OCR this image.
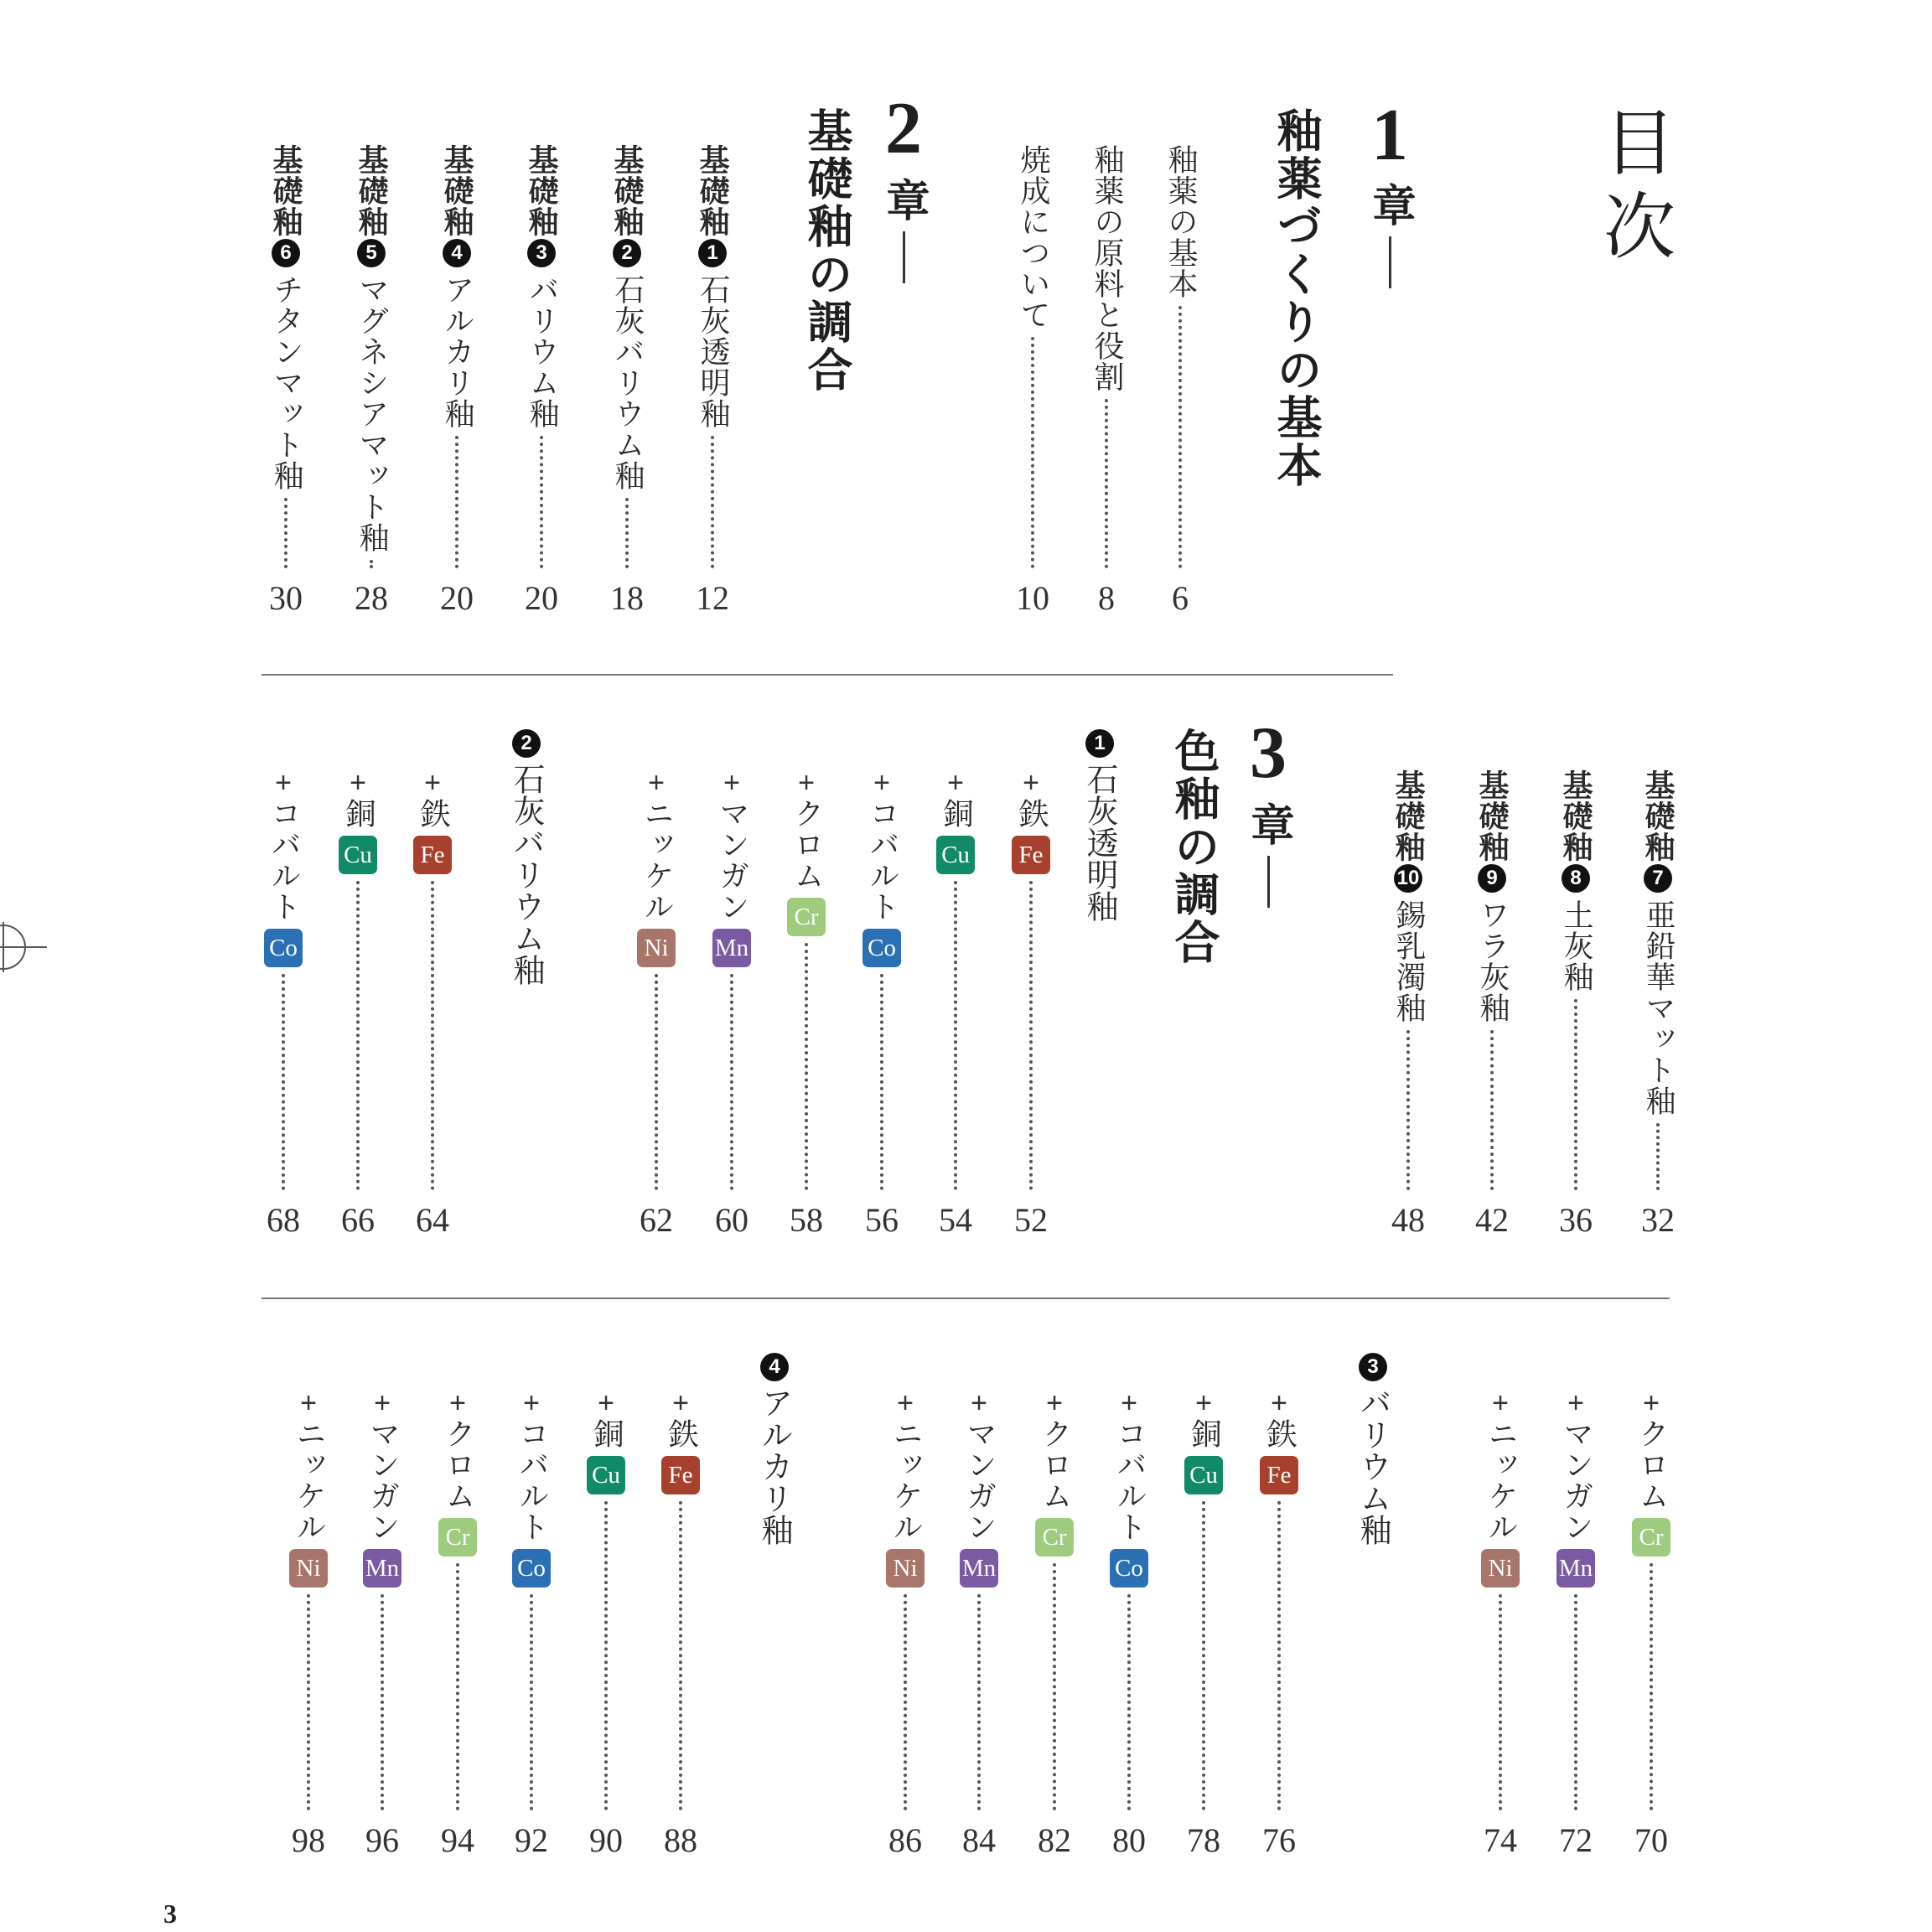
目次
1
章
釉薬づくりの基本
2
章
基礎釉の調合
3
章
色釉の調合
3
釉薬の基本
6
釉薬の原料と役割
8
焼成について
10
基礎釉
1
石灰透明釉
12
基礎釉
2
石灰バリウム釉
18
基礎釉
3
バリウム釉
20
基礎釉
4
アルカリ釉
20
基礎釉
5
マグネシアマット釉
28
基礎釉
6
チタンマット釉
30
基礎釉
7
亜鉛華マット釉
32
基礎釉
8
土灰釉
36
基礎釉
9
ワラ灰釉
42
基礎釉
10
錫乳濁釉
48
1
石灰透明釉
+
鉄
Fe
52
+
銅
Cu
54
+
コバルト
Co
56
+
クロム
Cr
58
+
マンガン
Mn
60
+
ニッケル
Ni
62
2
石灰バリウム釉
+
鉄
Fe
64
+
銅
Cu
66
+
コバルト
Co
68
+
クロム
Cr
70
+
マンガン
Mn
72
+
ニッケル
Ni
74
3
バリウム釉
+
鉄
Fe
76
+
銅
Cu
78
+
コバルト
Co
80
+
クロム
Cr
82
+
マンガン
Mn
84
+
ニッケル
Ni
86
4
アルカリ釉
+
鉄
Fe
88
+
銅
Cu
90
+
コバルト
Co
92
+
クロム
Cr
94
+
マンガン
Mn
96
+
ニッケル
Ni
98
